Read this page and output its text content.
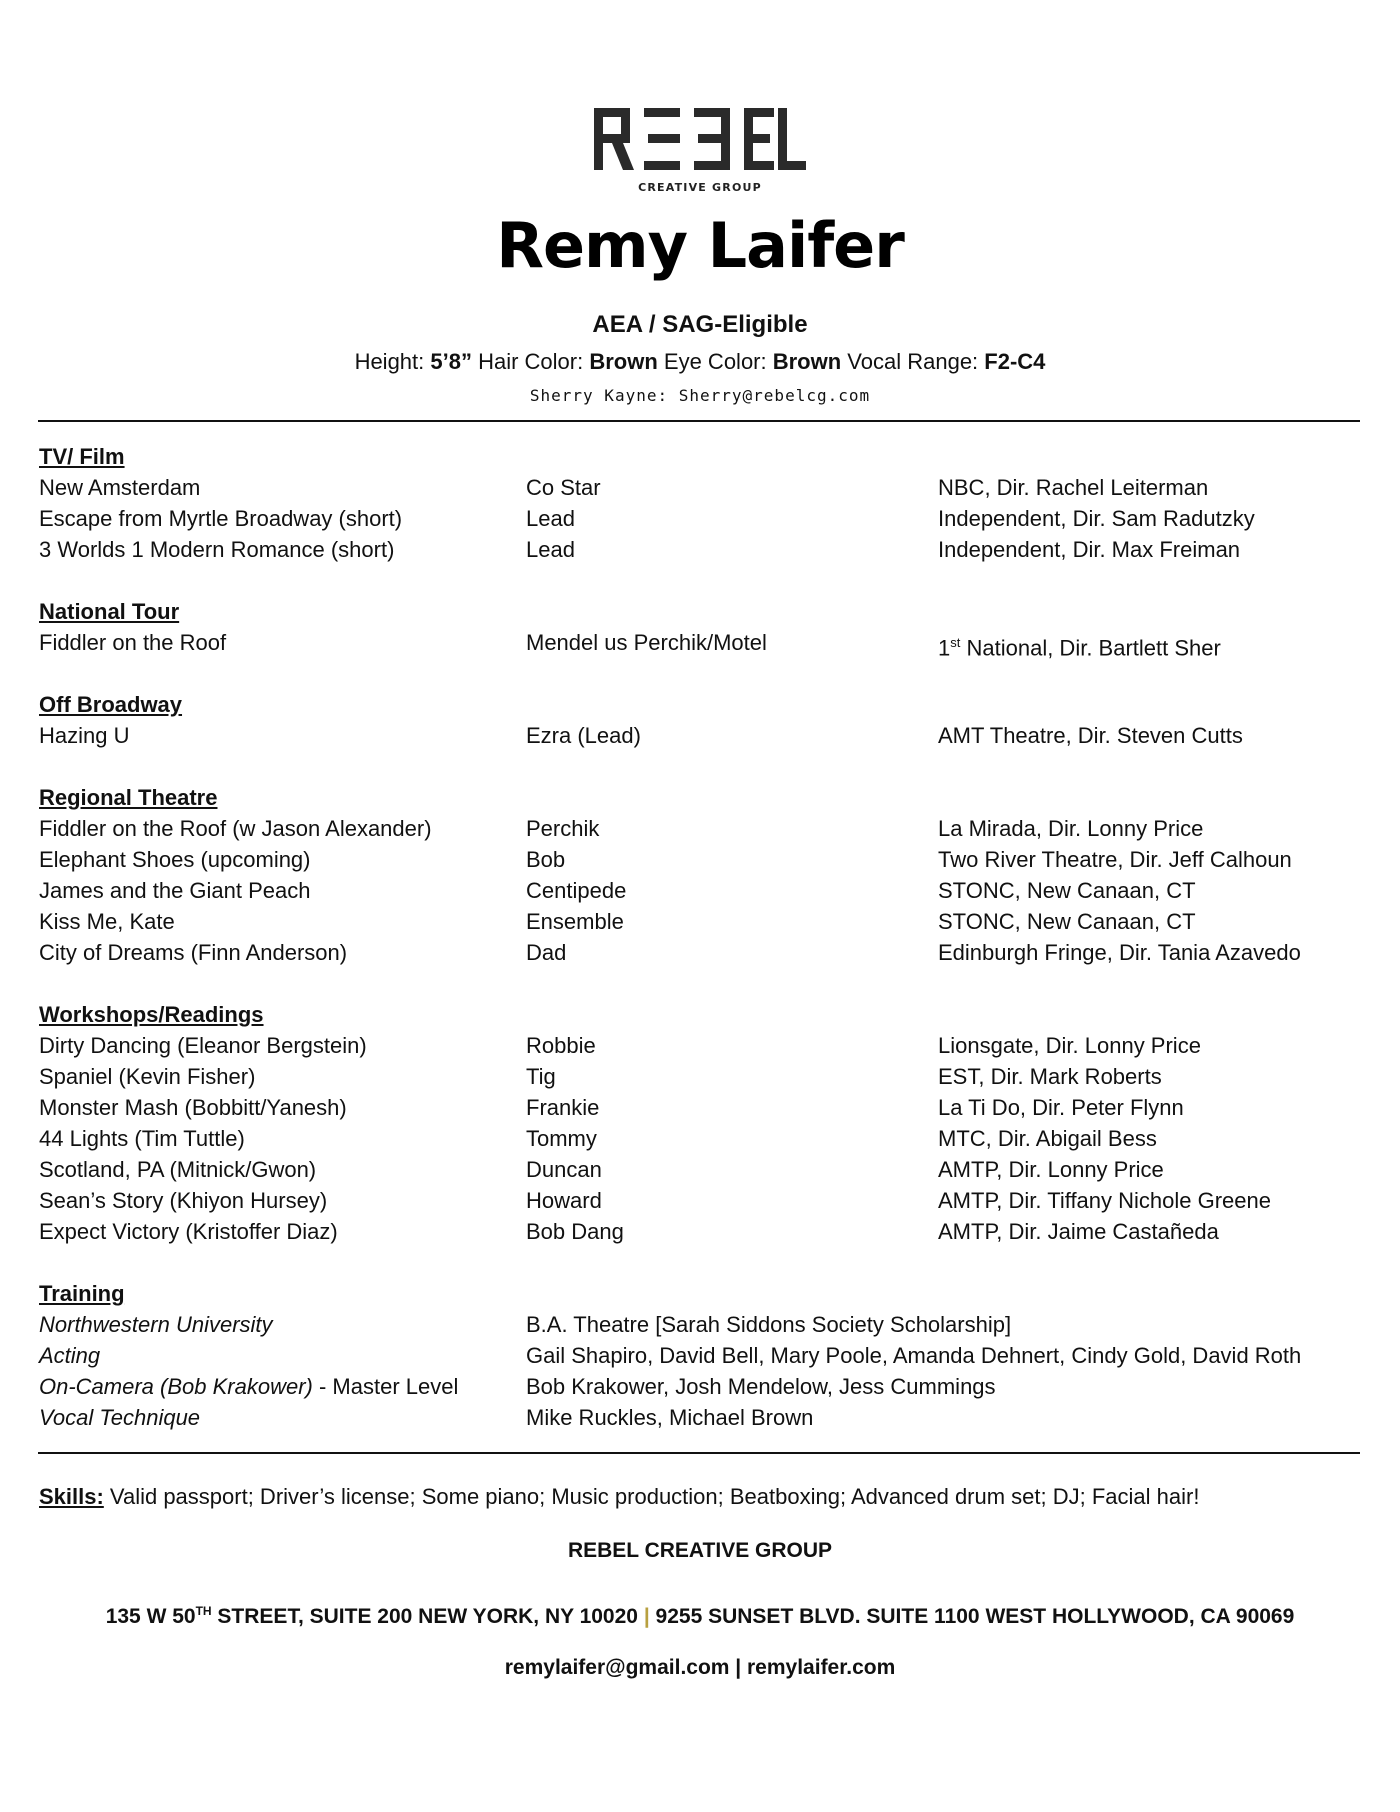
CREATIVE GROUP
Remy Laifer
AEA / SAG-Eligible
Height: 5’8” Hair Color: Brown Eye Color: Brown Vocal Range: F2-C4
Sherry Kayne: Sherry@rebelcg.com
TV/ Film
New Amsterdam	Co Star	NBC, Dir. Rachel Leiterman
Escape from Myrtle Broadway (short)	Lead	Independent, Dir. Sam Radutzky
3 Worlds 1 Modern Romance (short)	Lead	Independent, Dir. Max Freiman
National Tour
Fiddler on the Roof	Mendel us Perchik/Motel	1st National, Dir. Bartlett Sher
Off Broadway
Hazing U	Ezra (Lead)	AMT Theatre, Dir. Steven Cutts
Regional Theatre
Fiddler on the Roof (w Jason Alexander)	Perchik	La Mirada, Dir. Lonny Price
Elephant Shoes (upcoming)	Bob	Two River Theatre, Dir. Jeff Calhoun
James and the Giant Peach	Centipede	STONC, New Canaan, CT
Kiss Me, Kate	Ensemble	STONC, New Canaan, CT
City of Dreams (Finn Anderson)	Dad	Edinburgh Fringe, Dir. Tania Azavedo
Workshops/Readings
Dirty Dancing (Eleanor Bergstein)	Robbie	Lionsgate, Dir. Lonny Price
Spaniel (Kevin Fisher)	Tig	EST, Dir. Mark Roberts
Monster Mash (Bobbitt/Yanesh)	Frankie	La Ti Do, Dir. Peter Flynn
44 Lights (Tim Tuttle)	Tommy	MTC, Dir. Abigail Bess
Scotland, PA (Mitnick/Gwon)	Duncan	AMTP, Dir. Lonny Price
Sean’s Story (Khiyon Hursey)	Howard	AMTP, Dir. Tiffany Nichole Greene
Expect Victory (Kristoffer Diaz)	Bob Dang	AMTP, Dir. Jaime Castañeda
Training
Northwestern University	B.A. Theatre [Sarah Siddons Society Scholarship]
Acting	Gail Shapiro, David Bell, Mary Poole, Amanda Dehnert, Cindy Gold, David Roth
On-Camera (Bob Krakower) - Master Level	Bob Krakower, Josh Mendelow, Jess Cummings
Vocal Technique	Mike Ruckles, Michael Brown
Skills: Valid passport; Driver’s license; Some piano; Music production; Beatboxing; Advanced drum set; DJ; Facial hair!
REBEL CREATIVE GROUP
135 W 50TH STREET, SUITE 200 NEW YORK, NY 10020 | 9255 SUNSET BLVD. SUITE 1100 WEST HOLLYWOOD, CA 90069
remylaifer@gmail.com | remylaifer.com
